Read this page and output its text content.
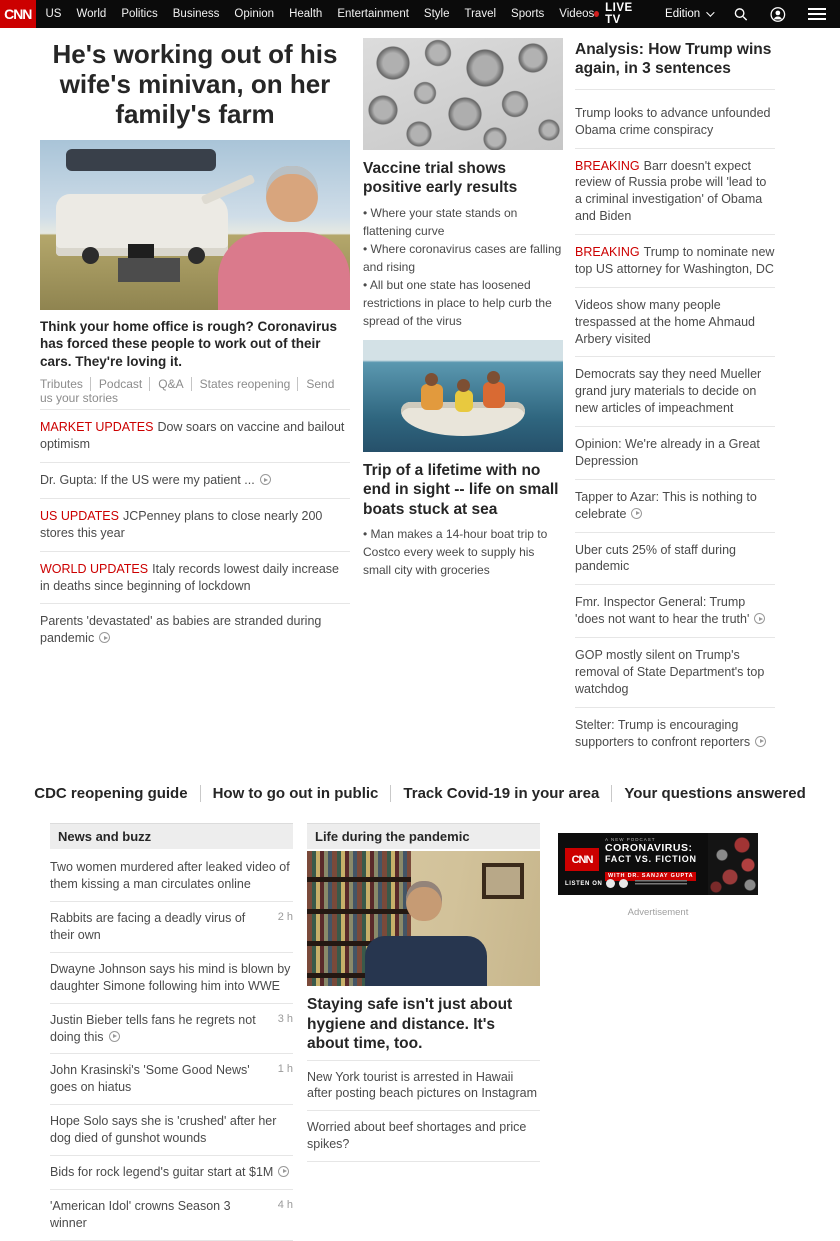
CNN	US World Politics Business Opinion Health Entertainment Style Travel Sports Videos LIVE TV	Edition
He's working out of his wife's minivan, on her family's farm

Think your home office is rough? Coronavirus has forced these people to work out of their cars. They're loving it.

Tributes Podcast Q&A States reopening Send us your stories
MARKET UPDATES Dow soars on vaccine and bailout optimism
Dr. Gupta: If the US were my patient ...
US UPDATES JCPenney plans to close nearly 200 stores this year
WORLD UPDATES Italy records lowest daily increase in deaths since beginning of lockdown
Parents 'devastated' as babies are stranded during pandemic
Vaccine trial shows positive early results
• Where your state stands on flattening curve
• Where coronavirus cases are falling and rising
• All but one state has loosened restrictions in place to help curb the spread of the virus
Trip of a lifetime with no end in sight -- life on small boats stuck at sea
• Man makes a 14-hour boat trip to Costco every week to supply his small city with groceries
Analysis: How Trump wins again, in 3 sentences
Trump looks to advance unfounded Obama crime conspiracy
BREAKING Barr doesn't expect review of Russia probe will 'lead to a criminal investigation' of Obama and Biden
BREAKING Trump to nominate new top US attorney for Washington, DC
Videos show many people trespassed at the home Ahmaud Arbery visited
Democrats say they need Mueller grand jury materials to decide on new articles of impeachment
Opinion: We're already in a Great Depression
Tapper to Azar: This is nothing to celebrate
Uber cuts 25% of staff during pandemic
Fmr. Inspector General: Trump 'does not want to hear the truth'
GOP mostly silent on Trump's removal of State Department's top watchdog
Stelter: Trump is encouraging supporters to confront reporters
CDC reopening guide How to go out in public Track Covid-19 in your area Your questions answered
News and buzz
Two women murdered after leaked video of them kissing a man circulates online
Rabbits are facing a deadly virus of their own
2 h
Dwayne Johnson says his mind is blown by daughter Simone following him into WWE
Justin Bieber tells fans he regrets not doing this
3 h
John Krasinski's 'Some Good News' goes on hiatus
1 h
Hope Solo says she is 'crushed' after her dog died of gunshot wounds
Bids for rock legend's guitar start at $1M
'American Idol' crowns Season 3 winner
4 h
Life during the pandemic
Staying safe isn't just about hygiene and distance. It's about time, too.
New York tourist is arrested in Hawaii after posting beach pictures on Instagram
Worried about beef shortages and price spikes?
CNN
A NEW PODCAST
CORONAVIRUS:
FACT VS. FICTION
WITH DR. SANJAY GUPTA
LISTEN ON
Advertisement
